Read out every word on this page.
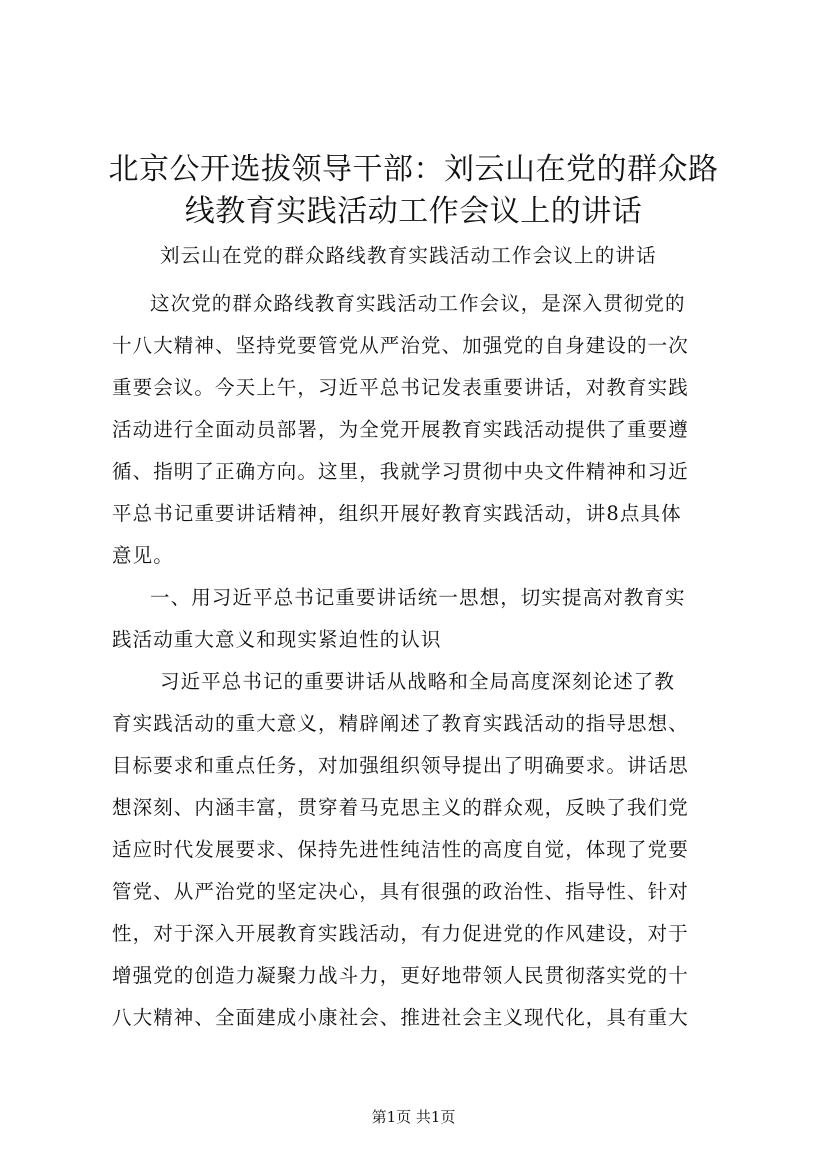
北京公开选拔领导干部：刘云山在党的群众路
线教育实践活动工作会议上的讲话
刘云山在党的群众路线教育实践活动工作会议上的讲话
这次党的群众路线教育实践活动工作会议，是深入贯彻党的
十八大精神、坚持党要管党从严治党、加强党的自身建设的一次
重要会议。今天上午，习近平总书记发表重要讲话，对教育实践
活动进行全面动员部署，为全党开展教育实践活动提供了重要遵
循、指明了正确方向。这里，我就学习贯彻中央文件精神和习近
平总书记重要讲话精神，组织开展好教育实践活动，讲8点具体
意见。
一、用习近平总书记重要讲话统一思想，切实提高对教育实
践活动重大意义和现实紧迫性的认识
习近平总书记的重要讲话从战略和全局高度深刻论述了教
育实践活动的重大意义，精辟阐述了教育实践活动的指导思想、
目标要求和重点任务，对加强组织领导提出了明确要求。讲话思
想深刻、内涵丰富，贯穿着马克思主义的群众观，反映了我们党
适应时代发展要求、保持先进性纯洁性的高度自觉，体现了党要
管党、从严治党的坚定决心，具有很强的政治性、指导性、针对
性，对于深入开展教育实践活动，有力促进党的作风建设，对于
增强党的创造力凝聚力战斗力，更好地带领人民贯彻落实党的十
八大精神、全面建成小康社会、推进社会主义现代化，具有重大
第1页 共1页
